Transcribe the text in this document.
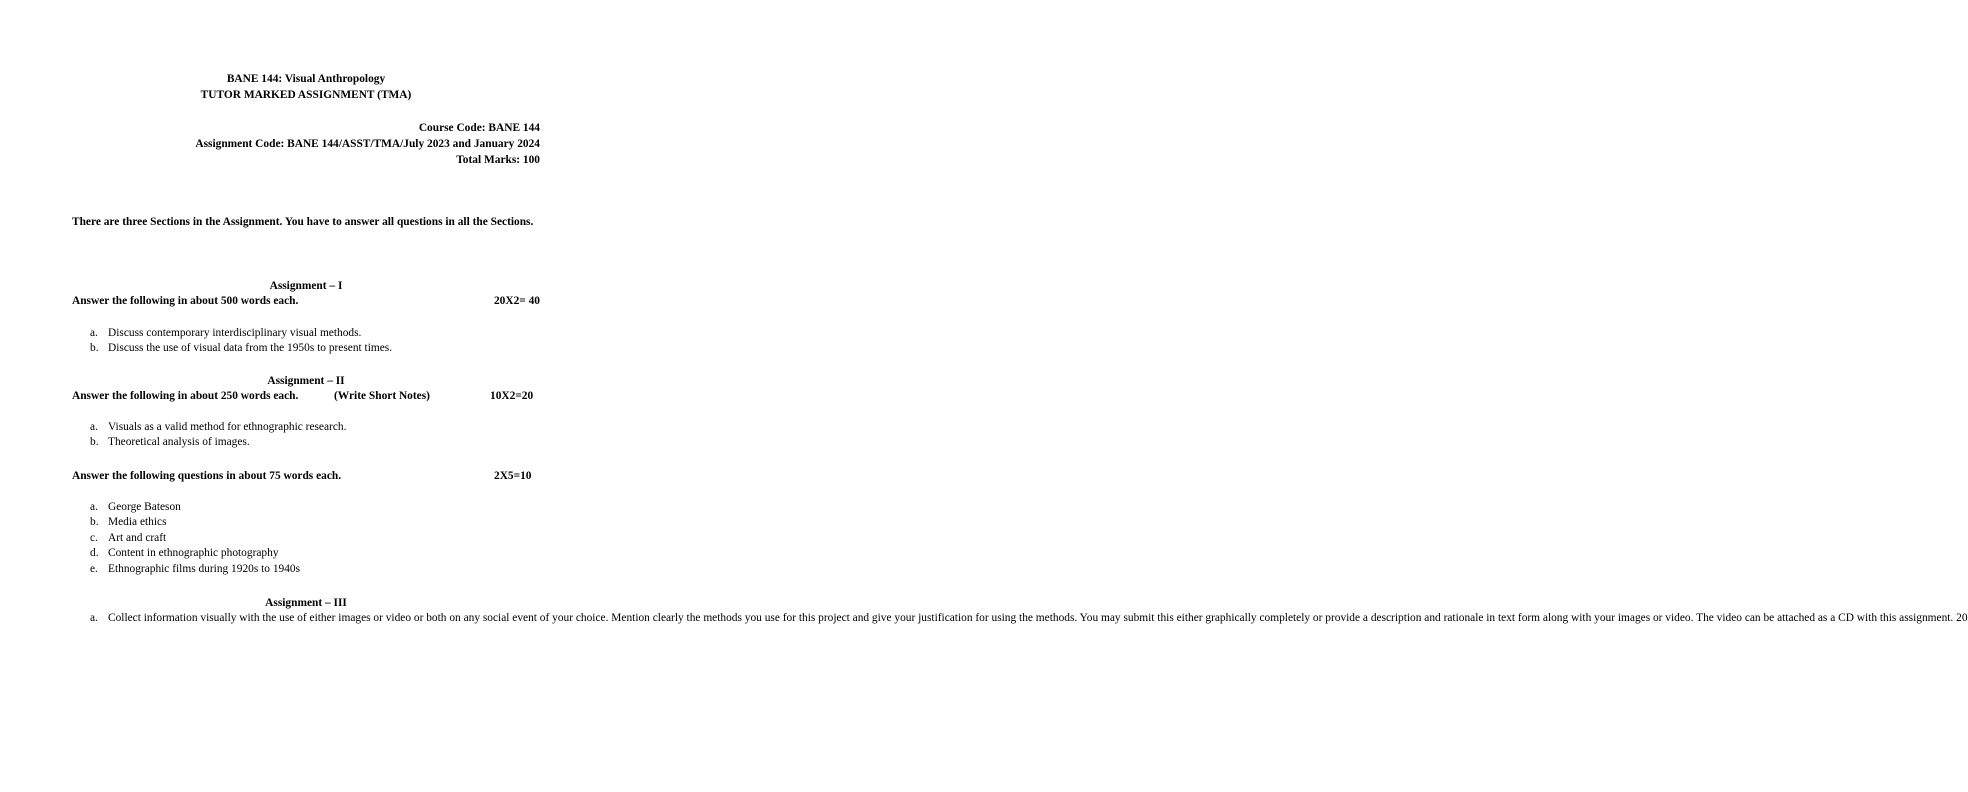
BANE 144: Visual Anthropology
TUTOR MARKED ASSIGNMENT (TMA)
Course Code: BANE 144
Assignment Code: BANE 144/ASST/TMA/July 2023 and January 2024
Total Marks: 100
There are three Sections in the Assignment. You have to answer all questions in all the Sections.
Assignment – I
Answer the following in about 500 words each.	20X2= 40
a. Discuss contemporary interdisciplinary visual methods.
b. Discuss the use of visual data from the 1950s to present times.
Assignment – II
Answer the following in about 250 words each.	(Write Short Notes)	10X2=20
a. Visuals as a valid method for ethnographic research.
b. Theoretical analysis of images.
Answer the following questions in about 75 words each.	2X5=10
a. George Bateson
b. Media ethics
c. Art and craft
d. Content in ethnographic photography
e. Ethnographic films during 1920s to 1940s
Assignment – III
a. Collect information visually with the use of either images or video or both on any social event of your choice. Mention clearly the methods you use for this project and give your justification for using the methods. You may submit this either graphically completely or provide a description and rationale in text form along with your images or video. The video can be attached as a CD with this assignment. 20
